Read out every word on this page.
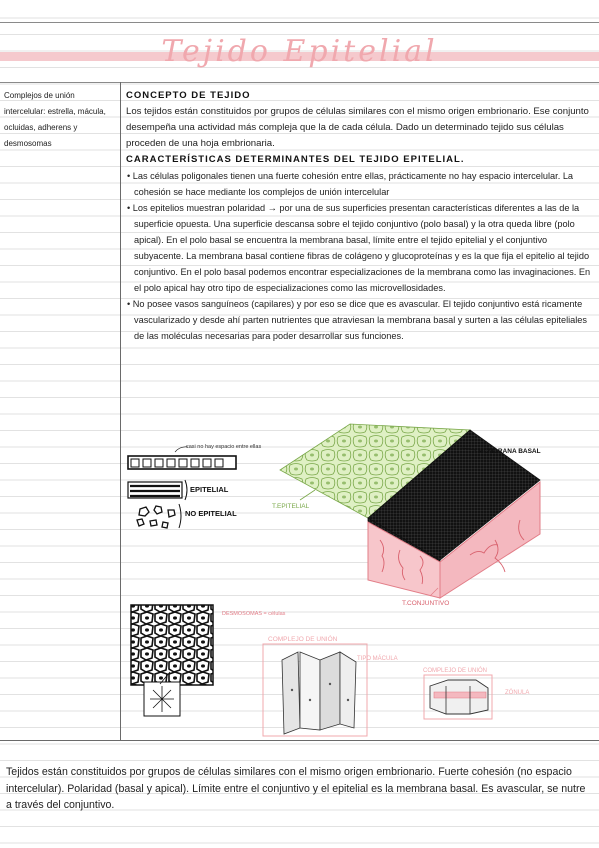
Tejido Epitelial
Complejos de unión intercelular: estrella, mácula, ocluidas, adherens y desmosomas
CONCEPTO DE TEJIDO
Los tejidos están constituidos por grupos de células similares con el mismo origen embrionario. Ese conjunto desempeña una actividad más compleja que la de cada célula. Dado un determinado tejido sus células proceden de una hoja embrionaria.
CARACTERÍSTICAS DETERMINANTES DEL TEJIDO EPITELIAL.
• Las células poligonales tienen una fuerte cohesión entre ellas, prácticamente no hay espacio intercelular. La cohesión se hace mediante los complejos de unión intercelular
• Los epitelios muestran polaridad → por una de sus superficies presentan características diferentes a las de la superficie opuesta. Una superficie descansa sobre el tejido conjuntivo (polo basal) y la otra queda libre (polo apical). En el polo basal se encuentra la membrana basal, límite entre el tejido epitelial y el conjuntivo subyacente. La membrana basal contiene fibras de colágeno y glucoproteínas y es la que fija el epitelio al tejido conjuntivo. En el polo basal podemos encontrar especializaciones de la membrana como las invaginaciones. En el polo apical hay otro tipo de especializaciones como las microvellosidades.
• No posee vasos sanguíneos (capilares) y por eso se dice que es avascular. El tejido conjuntivo está ricamente vascularizado y desde ahí parten nutrientes que atraviesan la membrana basal y surten a las células epiteliales de las moléculas necesarias para poder desarrollar sus funciones.
casi no hay espacio entre ellas
EPITELIAL
NO EPITELIAL
MEMBRANA BASAL
T.EPITELIAL
T.CONJUNTIVO
DESMOSOMAS = células
COMPLEJO DE UNIÓN
TIPO MÁCULA
COMPLEJO DE UNIÓN
ZÓNULA
Tejidos están constituidos por grupos de células similares con el mismo origen embrionario. Fuerte cohesión (no espacio intercelular). Polaridad (basal y apical). Límite entre el conjuntivo y el epitelial es la membrana basal. Es avascular, se nutre a través del conjuntivo.
